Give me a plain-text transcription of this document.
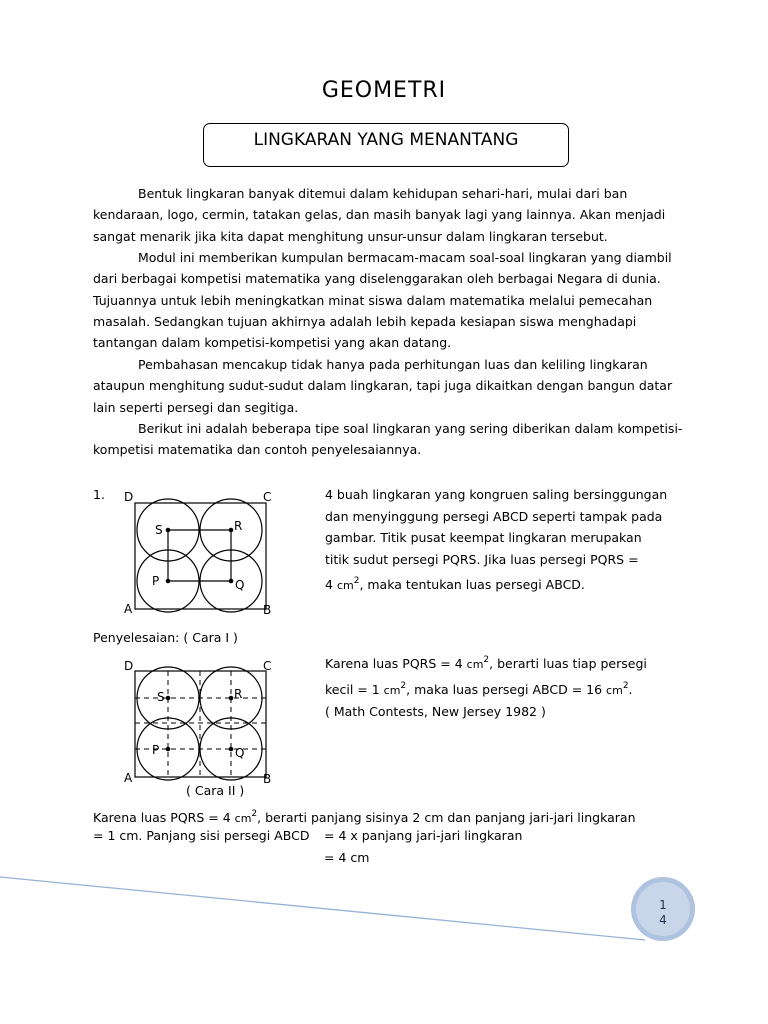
GEOMETRI
LINGKARAN YANG MENANTANG

Bentuk lingkaran banyak ditemui dalam kehidupan sehari-hari, mulai dari ban kendaraan, logo, cermin, tatakan gelas, dan masih banyak lagi yang lainnya. Akan menjadi sangat menarik jika kita dapat menghitung unsur-unsur dalam lingkaran tersebut.

Modul ini memberikan kumpulan bermacam-macam soal-soal lingkaran yang diambil dari berbagai kompetisi matematika yang diselenggarakan oleh berbagai Negara di dunia. Tujuannya untuk lebih meningkatkan minat siswa dalam matematika melalui pemecahan masalah. Sedangkan tujuan akhirnya adalah lebih kepada kesiapan siswa menghadapi tantangan dalam kompetisi-kompetisi yang akan datang.

Pembahasan mencakup tidak hanya pada perhitungan luas dan keliling lingkaran ataupun menghitung sudut-sudut dalam lingkaran, tapi juga dikaitkan dengan bangun datar lain seperti persegi dan segitiga.

Berikut ini adalah beberapa tipe soal lingkaran yang sering diberikan dalam kompetisi-kompetisi matematika dan contoh penyelesaiannya.

1. D	C
A	B
S	R
P	Q
4 buah lingkaran yang kongruen saling bersinggungan
dan menyinggung persegi ABCD seperti tampak pada
gambar. Titik pusat keempat lingkaran merupakan
titik sudut persegi PQRS. Jika luas persegi PQRS =
4 $cm^2$, maka tentukan luas persegi ABCD.
Penyelesaian: ( Cara I )
D	C
A	B
S	R
P	Q
Karena luas PQRS = 4 $cm^2$, berarti luas tiap persegi
kecil = 1 $cm^2$, maka luas persegi ABCD = 16 $cm^2$.
( Math Contests, New Jersey 1982 )
( Cara II )
Karena luas PQRS = 4 $cm^2$, berarti panjang sisinya 2 cm dan panjang jari-jari lingkaran
= 1 cm. Panjang sisi persegi ABCD = 4 x panjang jari-jari lingkaran
= 4 cm
1
4
